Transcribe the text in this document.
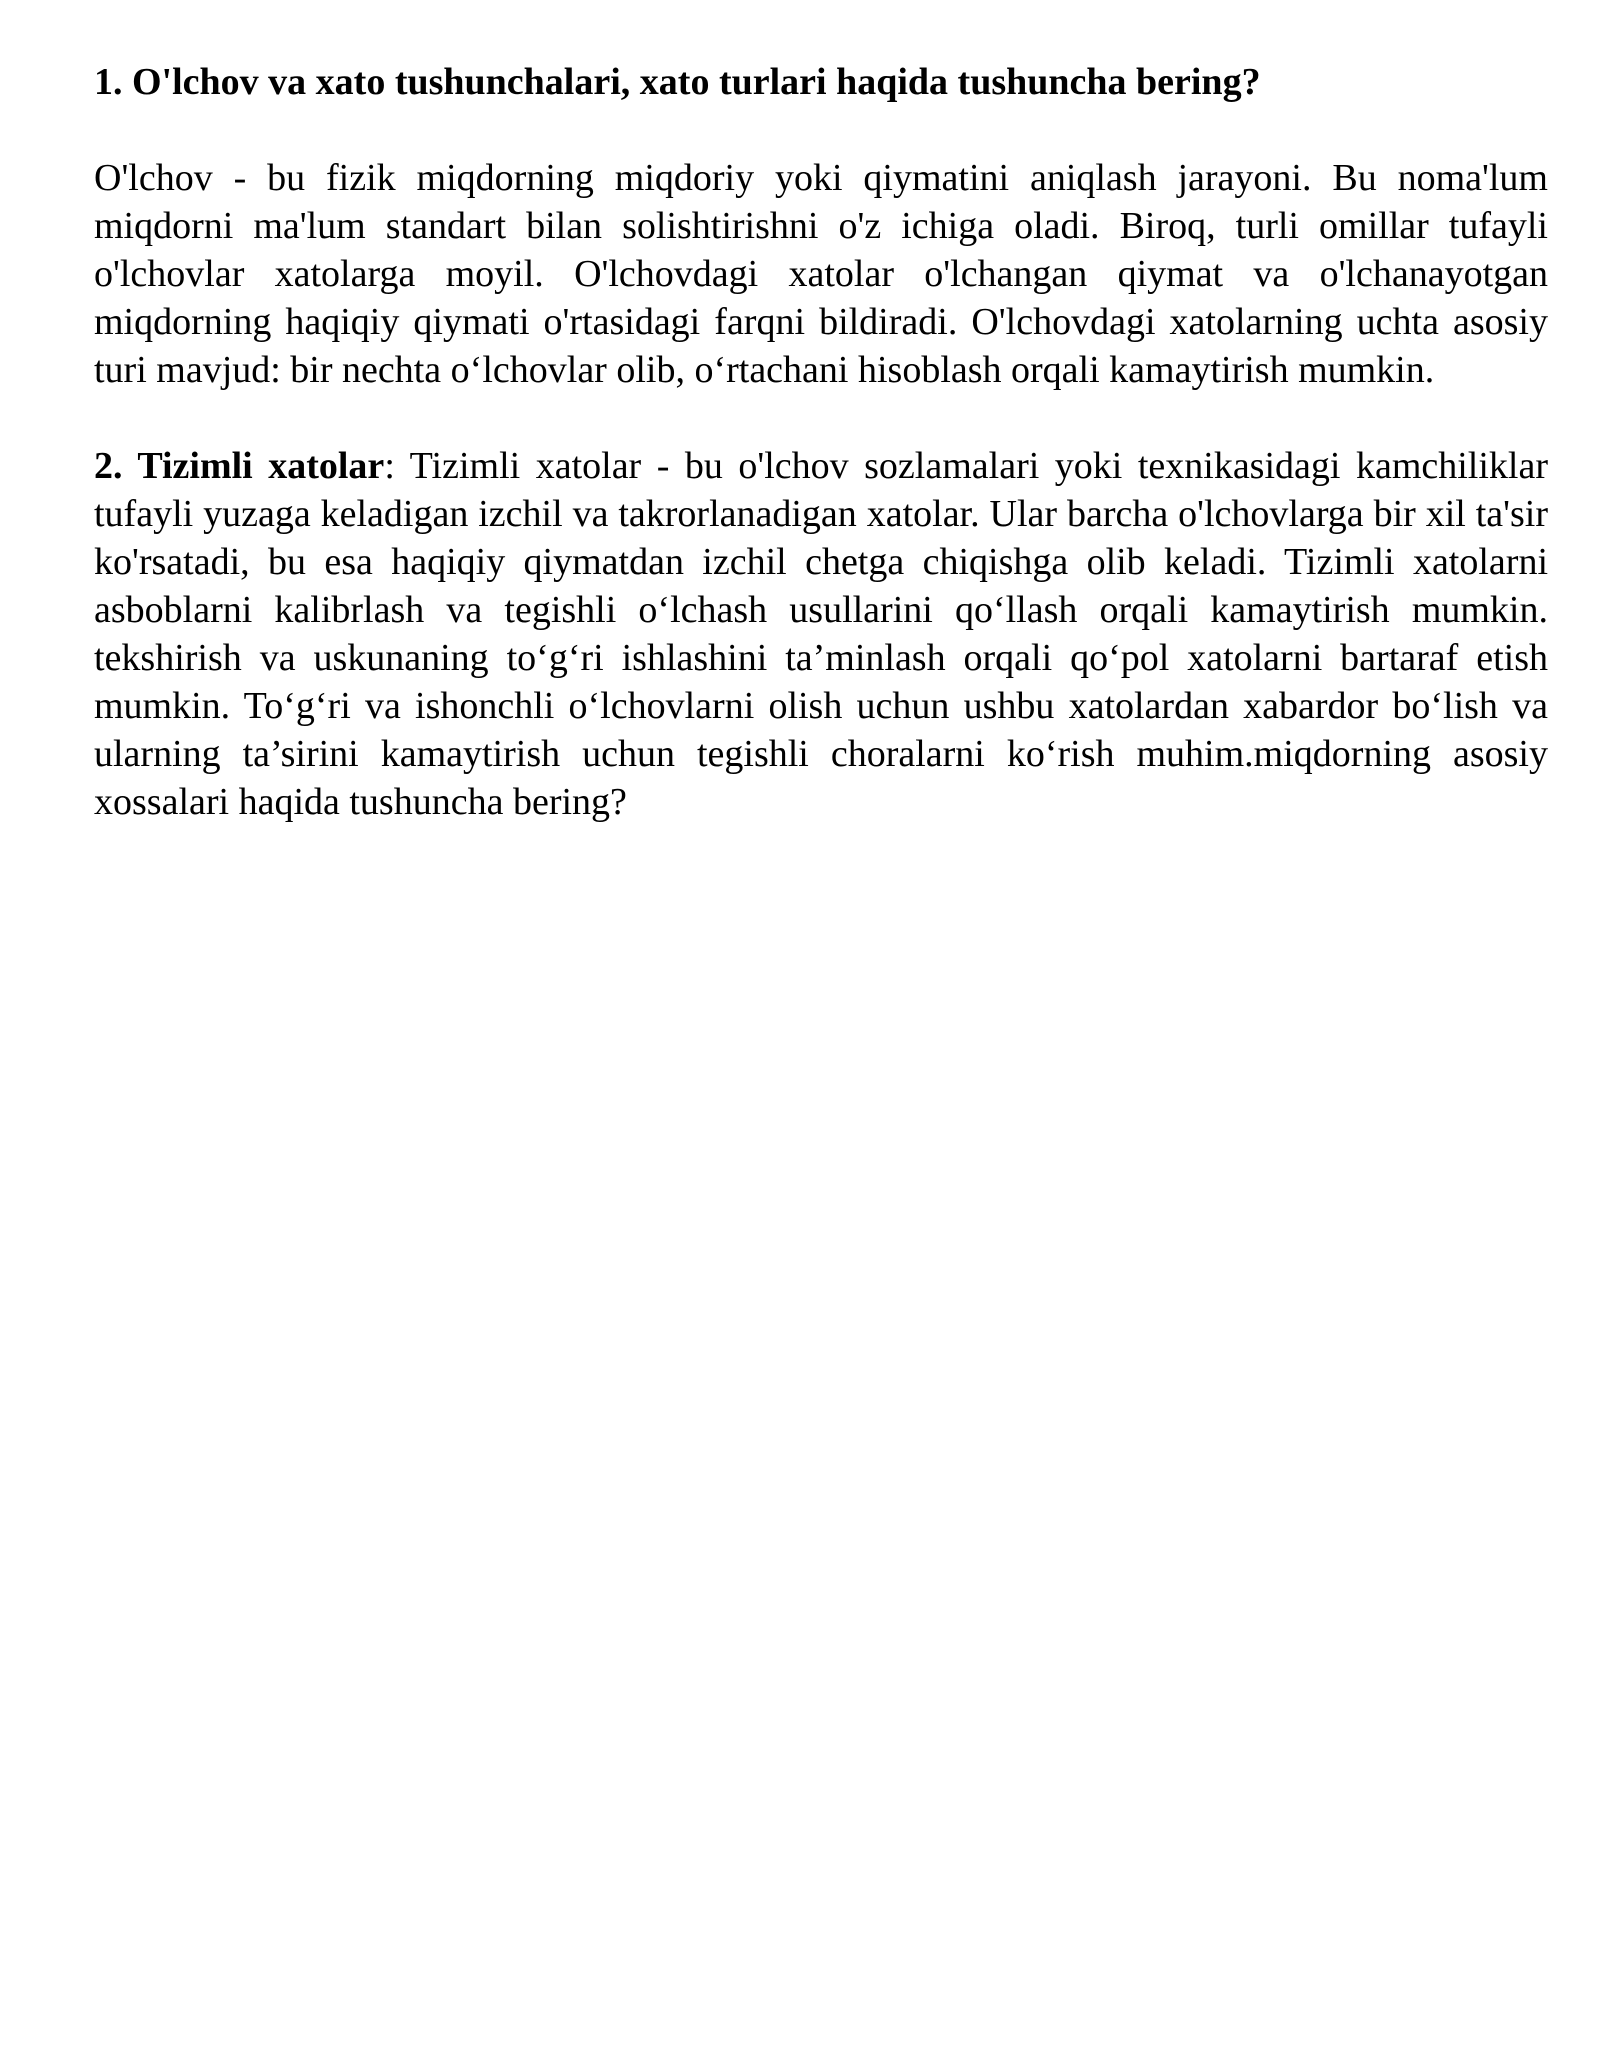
1. O'lchov va xato tushunchalari, xato turlari haqida tushuncha bering?

O'lchov - bu fizik miqdorning miqdoriy yoki qiymatini aniqlash jarayoni. Bu noma'lum miqdorni ma'lum standart bilan solishtirishni o'z ichiga oladi. Biroq, turli omillar tufayli o'lchovlar xatolarga moyil. O'lchovdagi xatolar o'lchangan qiymat va o'lchanayotgan miqdorning haqiqiy qiymati o'rtasidagi farqni bildiradi. O'lchovdagi xatolarning uchta asosiy turi mavjud: bir nechta o‘lchovlar olib, o‘rtachani hisoblash orqali kamaytirish mumkin.

2. Tizimli xatolar: Tizimli xatolar - bu o'lchov sozlamalari yoki texnikasidagi kamchiliklar tufayli yuzaga keladigan izchil va takrorlanadigan xatolar. Ular barcha o'lchovlarga bir xil ta'sir ko'rsatadi, bu esa haqiqiy qiymatdan izchil chetga chiqishga olib keladi. Tizimli xatolarni asboblarni kalibrlash va tegishli o‘lchash usullarini qo‘llash orqali kamaytirish mumkin. tekshirish va uskunaning to‘g‘ri ishlashini ta’minlash orqali qo‘pol xatolarni bartaraf etish mumkin. To‘g‘ri va ishonchli o‘lchovlarni olish uchun ushbu xatolardan xabardor bo‘lish va ularning ta’sirini kamaytirish uchun tegishli choralarni ko‘rish muhim.miqdorning asosiy xossalari haqida tushuncha bering?
